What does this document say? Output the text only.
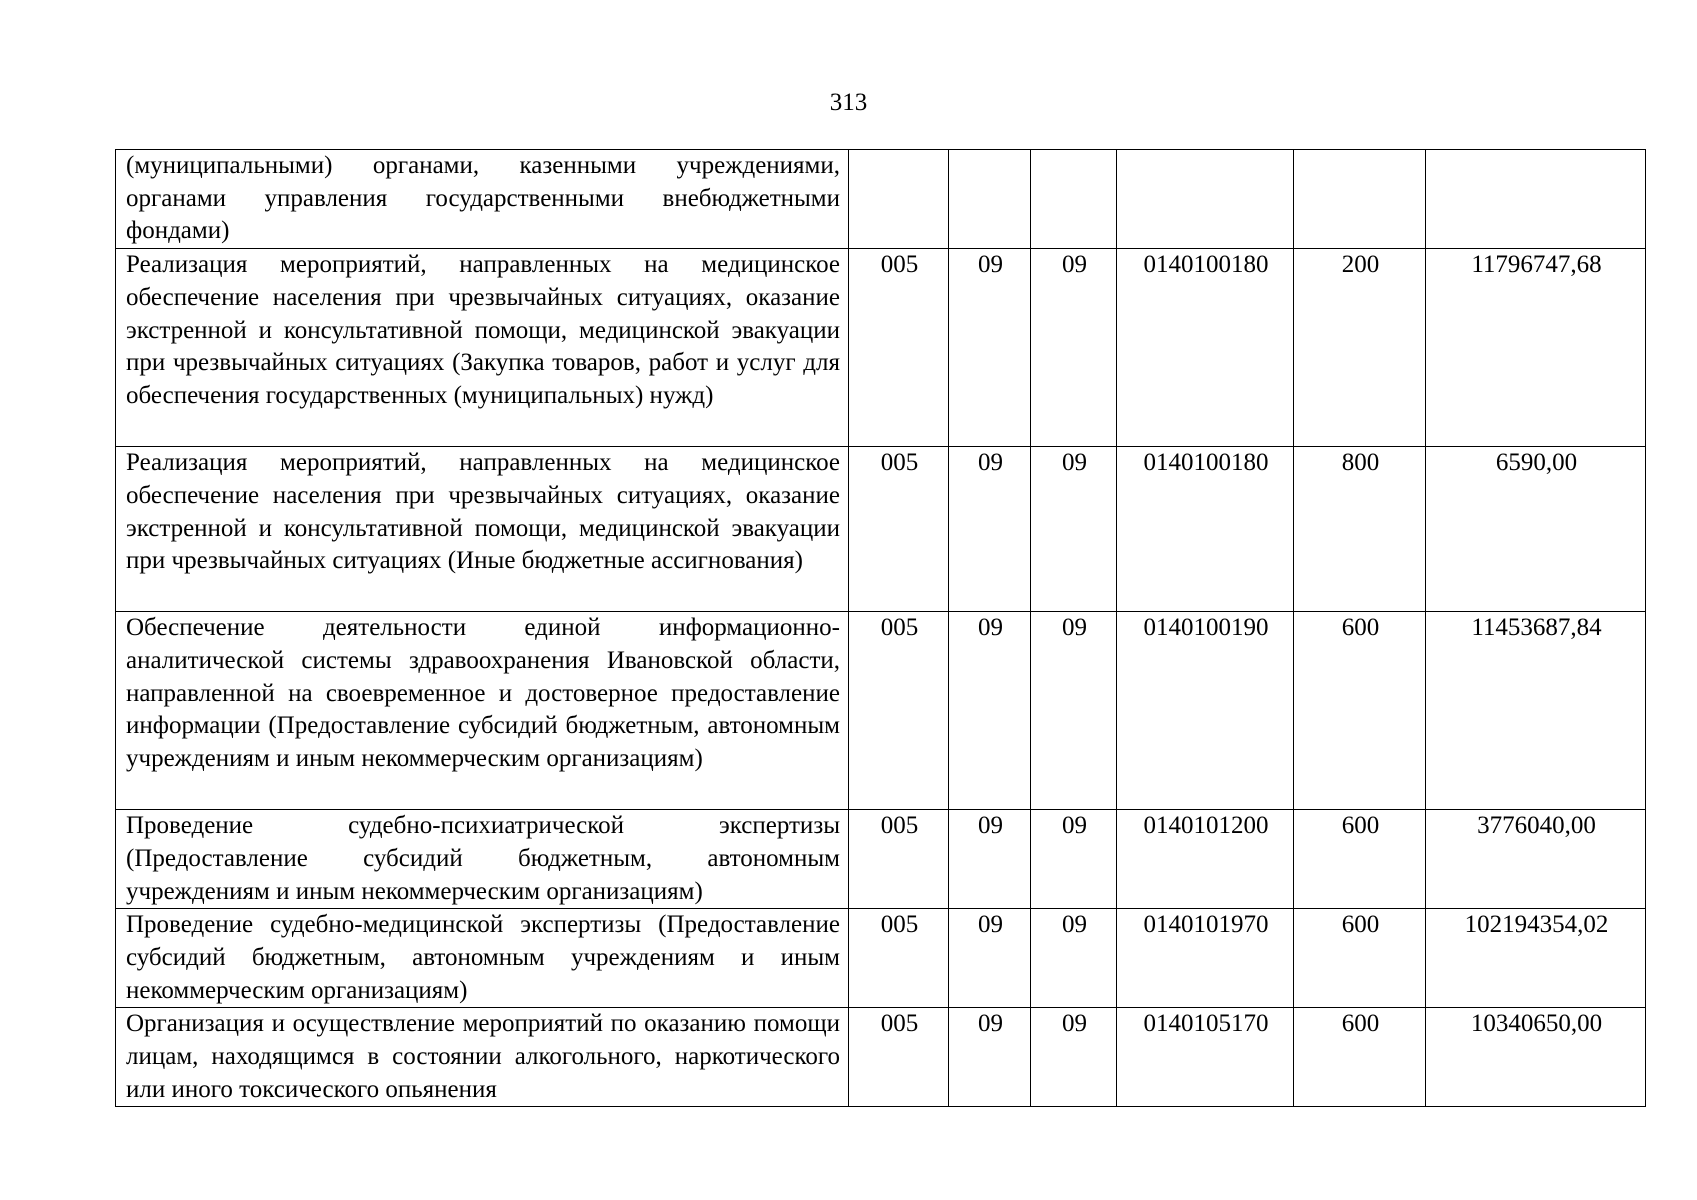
313
(муниципальными) органами, казенными учреждениями, органами управления государственными внебюджетными фондами)						
Реализация мероприятий, направленных на медицинское обеспечение населения при чрезвычайных ситуациях, оказание экстренной и консультативной помощи, медицинской эвакуации при чрезвычайных ситуациях (Закупка товаров, работ и услуг для обеспечения государственных (муниципальных) нужд)	005	09	09	0140100180	200	11796747,68
Реализация мероприятий, направленных на медицинское обеспечение населения при чрезвычайных ситуациях, оказание экстренной и консультативной помощи, медицинской эвакуации при чрезвычайных ситуациях (Иные бюджетные ассигнования)	005	09	09	0140100180	800	6590,00
Обеспечение деятельности единой информационно-аналитической системы здравоохранения Ивановской области, направленной на своевременное и достоверное предоставление информации (Предоставление субсидий бюджетным, автономным учреждениям и иным некоммерческим организациям)	005	09	09	0140100190	600	11453687,84
Проведение судебно-психиатрической экспертизы (Предоставление субсидий бюджетным, автономным учреждениям и иным некоммерческим организациям)	005	09	09	0140101200	600	3776040,00
Проведение судебно-медицинской экспертизы (Предоставление субсидий бюджетным, автономным учреждениям и иным некоммерческим организациям)	005	09	09	0140101970	600	102194354,02
Организация и осуществление мероприятий по оказанию помощи лицам, находящимся в состоянии алкогольного, наркотического или иного токсического опьянения	005	09	09	0140105170	600	10340650,00
